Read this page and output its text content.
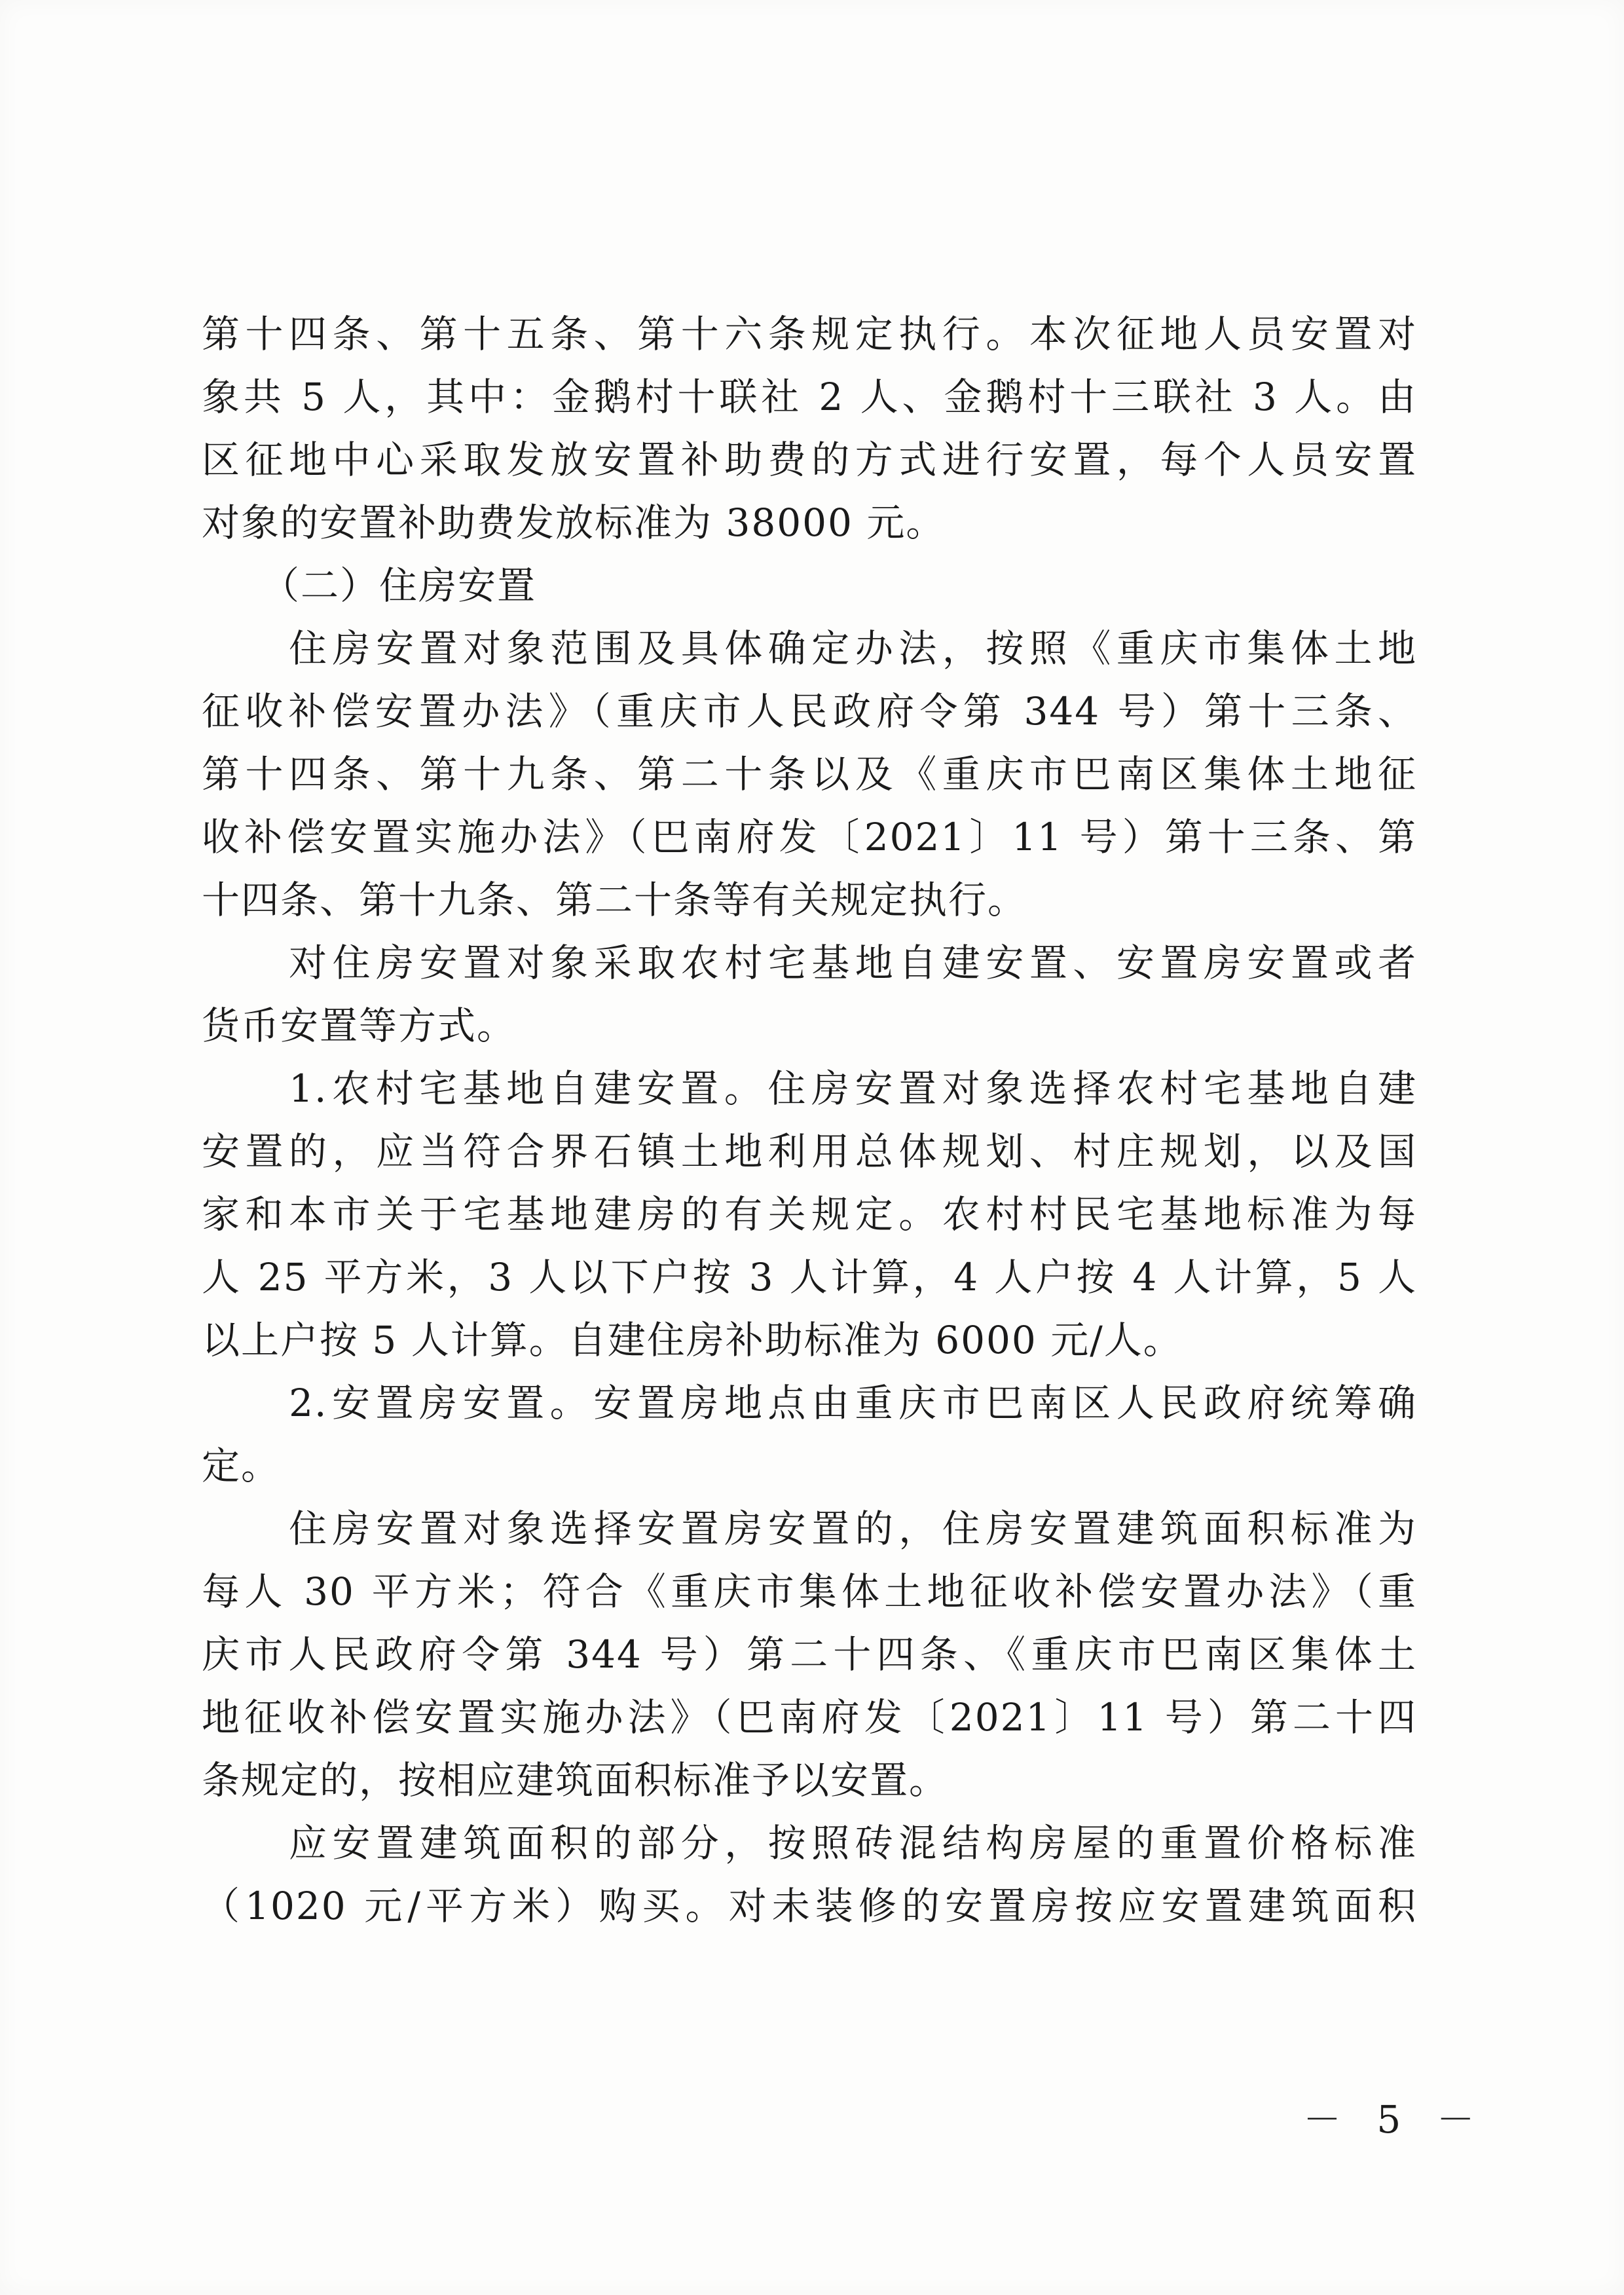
第十四条、第十五条、第十六条规定执行。本次征地人员安置对
象共 5 人，其中：金鹅村十联社 2 人、金鹅村十三联社 3 人。由
区征地中心采取发放安置补助费的方式进行安置，每个人员安置
对象的安置补助费发放标准为 38000 元。
　　（二）住房安置
　　住房安置对象范围及具体确定办法，按照《重庆市集体土地
征收补偿安置办法》（重庆市人民政府令第 344 号）第十三条、
第十四条、第十九条、第二十条以及《重庆市巴南区集体土地征
收补偿安置实施办法》（巴南府发〔2021〕11 号）第十三条、第
十四条、第十九条、第二十条等有关规定执行。
　　对住房安置对象采取农村宅基地自建安置、安置房安置或者
货币安置等方式。
　　1.农村宅基地自建安置。住房安置对象选择农村宅基地自建
安置的，应当符合界石镇土地利用总体规划、村庄规划，以及国
家和本市关于宅基地建房的有关规定。农村村民宅基地标准为每
人 25 平方米，3 人以下户按 3 人计算，4 人户按 4 人计算，5 人
以上户按 5 人计算。自建住房补助标准为 6000 元/人。
　　2.安置房安置。安置房地点由重庆市巴南区人民政府统筹确
定。
　　住房安置对象选择安置房安置的，住房安置建筑面积标准为
每人 30 平方米；符合《重庆市集体土地征收补偿安置办法》（重
庆市人民政府令第 344 号）第二十四条、《重庆市巴南区集体土
地征收补偿安置实施办法》（巴南府发〔2021〕11 号）第二十四
条规定的，按相应建筑面积标准予以安置。
　　应安置建筑面积的部分，按照砖混结构房屋的重置价格标准
（1020 元/平方米）购买。对未装修的安置房按应安置建筑面积
－ 5 －
